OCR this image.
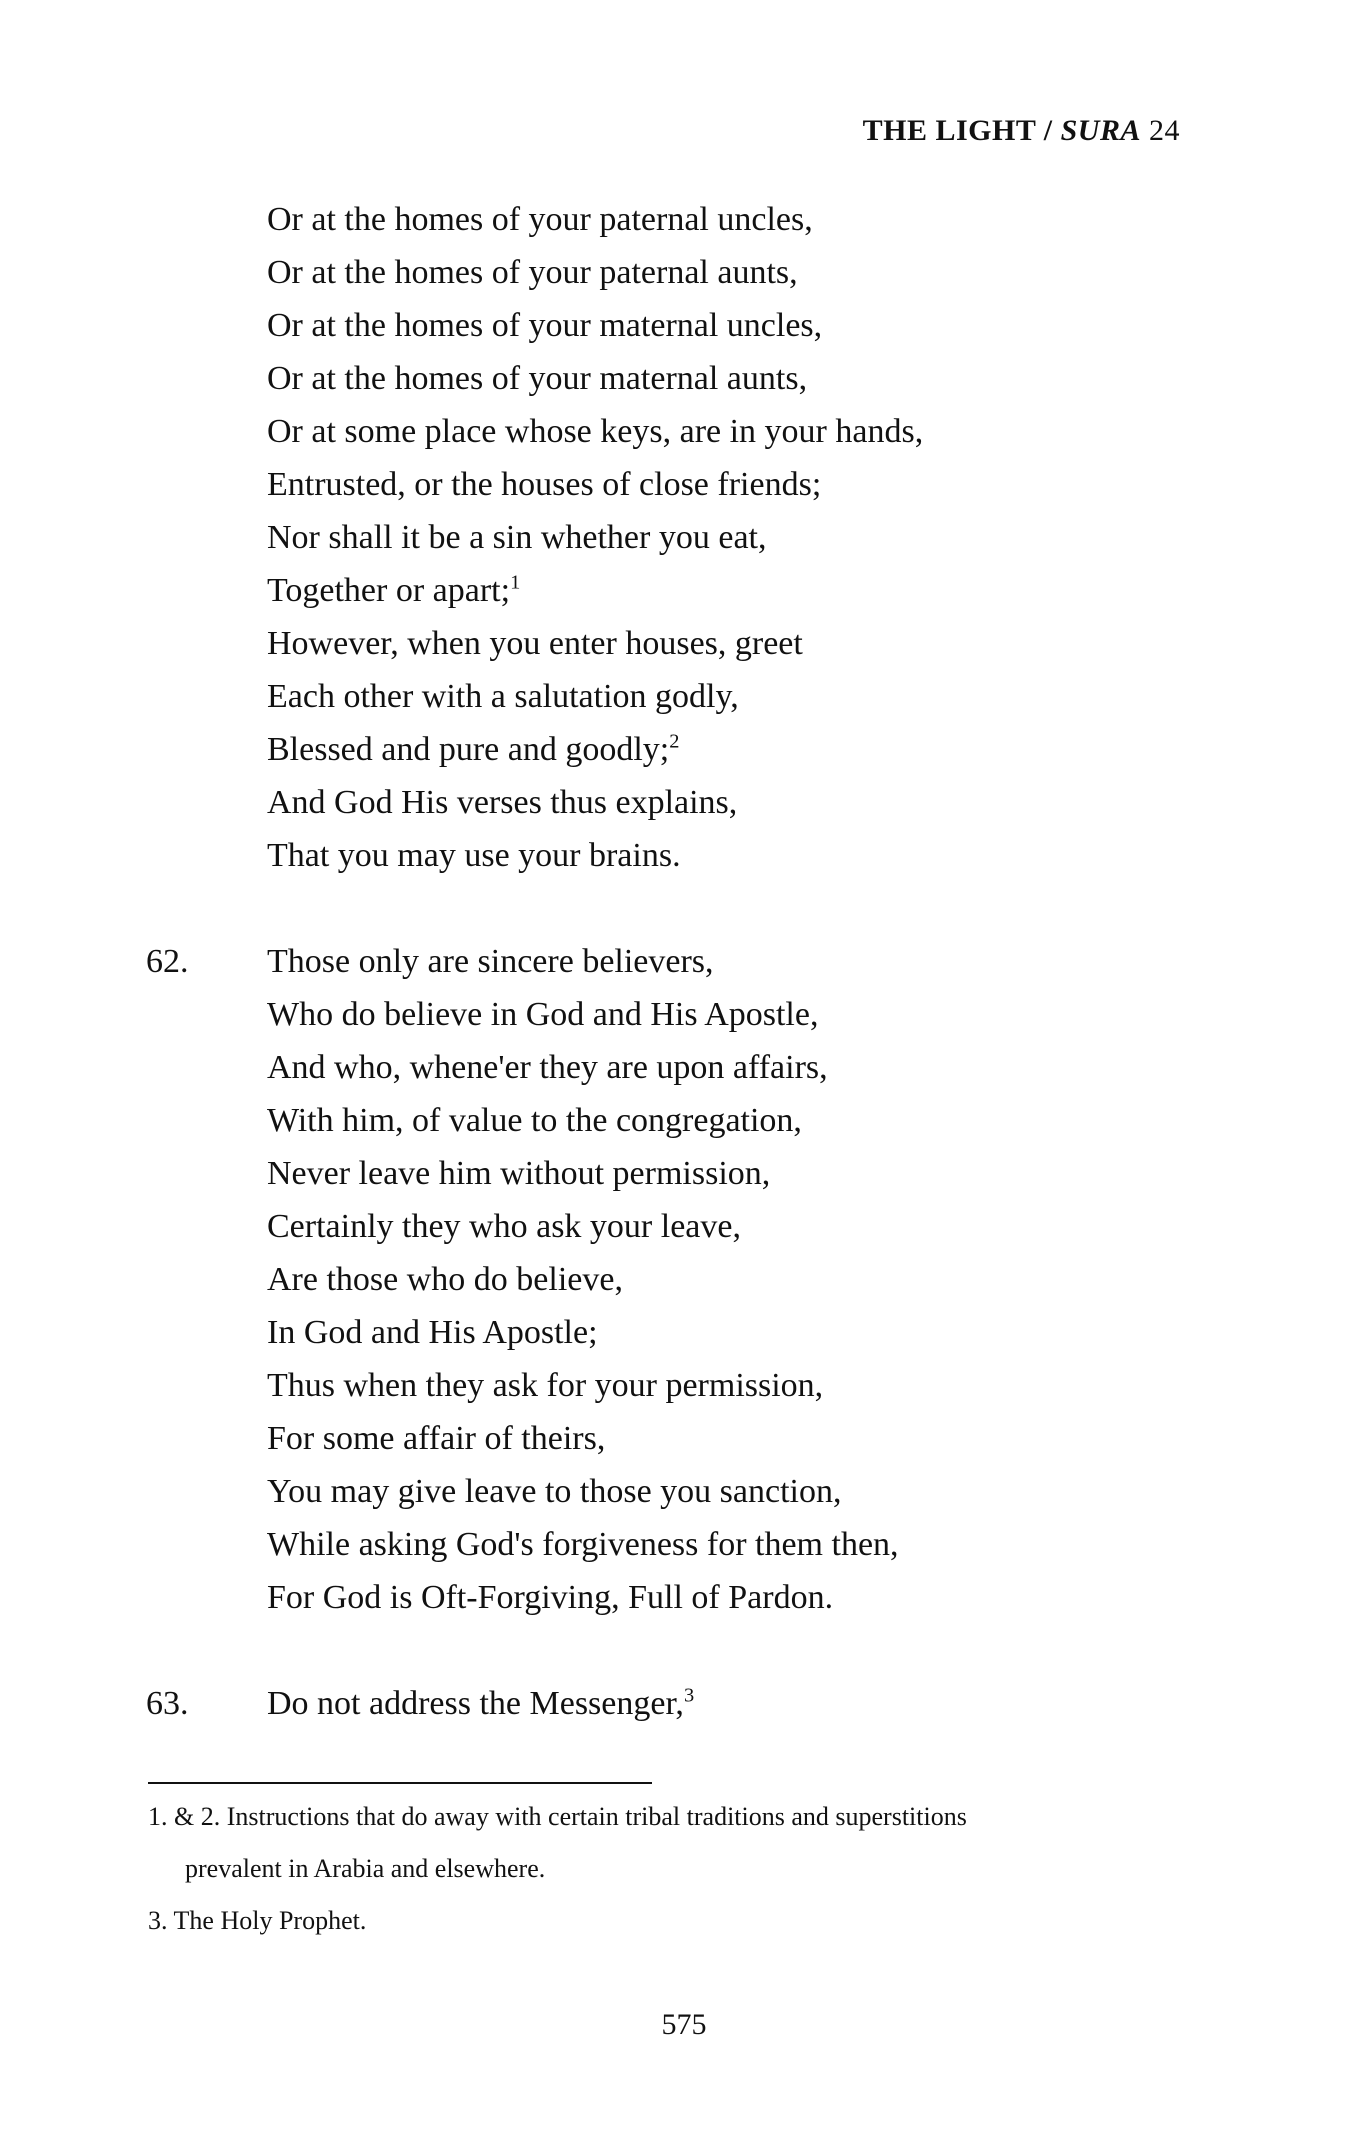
THE LIGHT / SURA 24
Or at the homes of your paternal uncles,
Or at the homes of your paternal aunts,
Or at the homes of your maternal uncles,
Or at the homes of your maternal aunts,
Or at some place whose keys, are in your hands,
Entrusted, or the houses of close friends;
Nor shall it be a sin whether you eat,
Together or apart;$^1$
However, when you enter houses, greet
Each other with a salutation godly,
Blessed and pure and goodly;$^2$
And God His verses thus explains,
That you may use your brains.
62. Those only are sincere believers,
Who do believe in God and His Apostle,
And who, whene'er they are upon affairs,
With him, of value to the congregation,
Never leave him without permission,
Certainly they who ask your leave,
Are those who do believe,
In God and His Apostle;
Thus when they ask for your permission,
For some affair of theirs,
You may give leave to those you sanction,
While asking God's forgiveness for them then,
For God is Oft-Forgiving, Full of Pardon.
63. Do not address the Messenger,$^3$
1. & 2. Instructions that do away with certain tribal traditions and superstitions
prevalent in Arabia and elsewhere.
3. The Holy Prophet.
575
